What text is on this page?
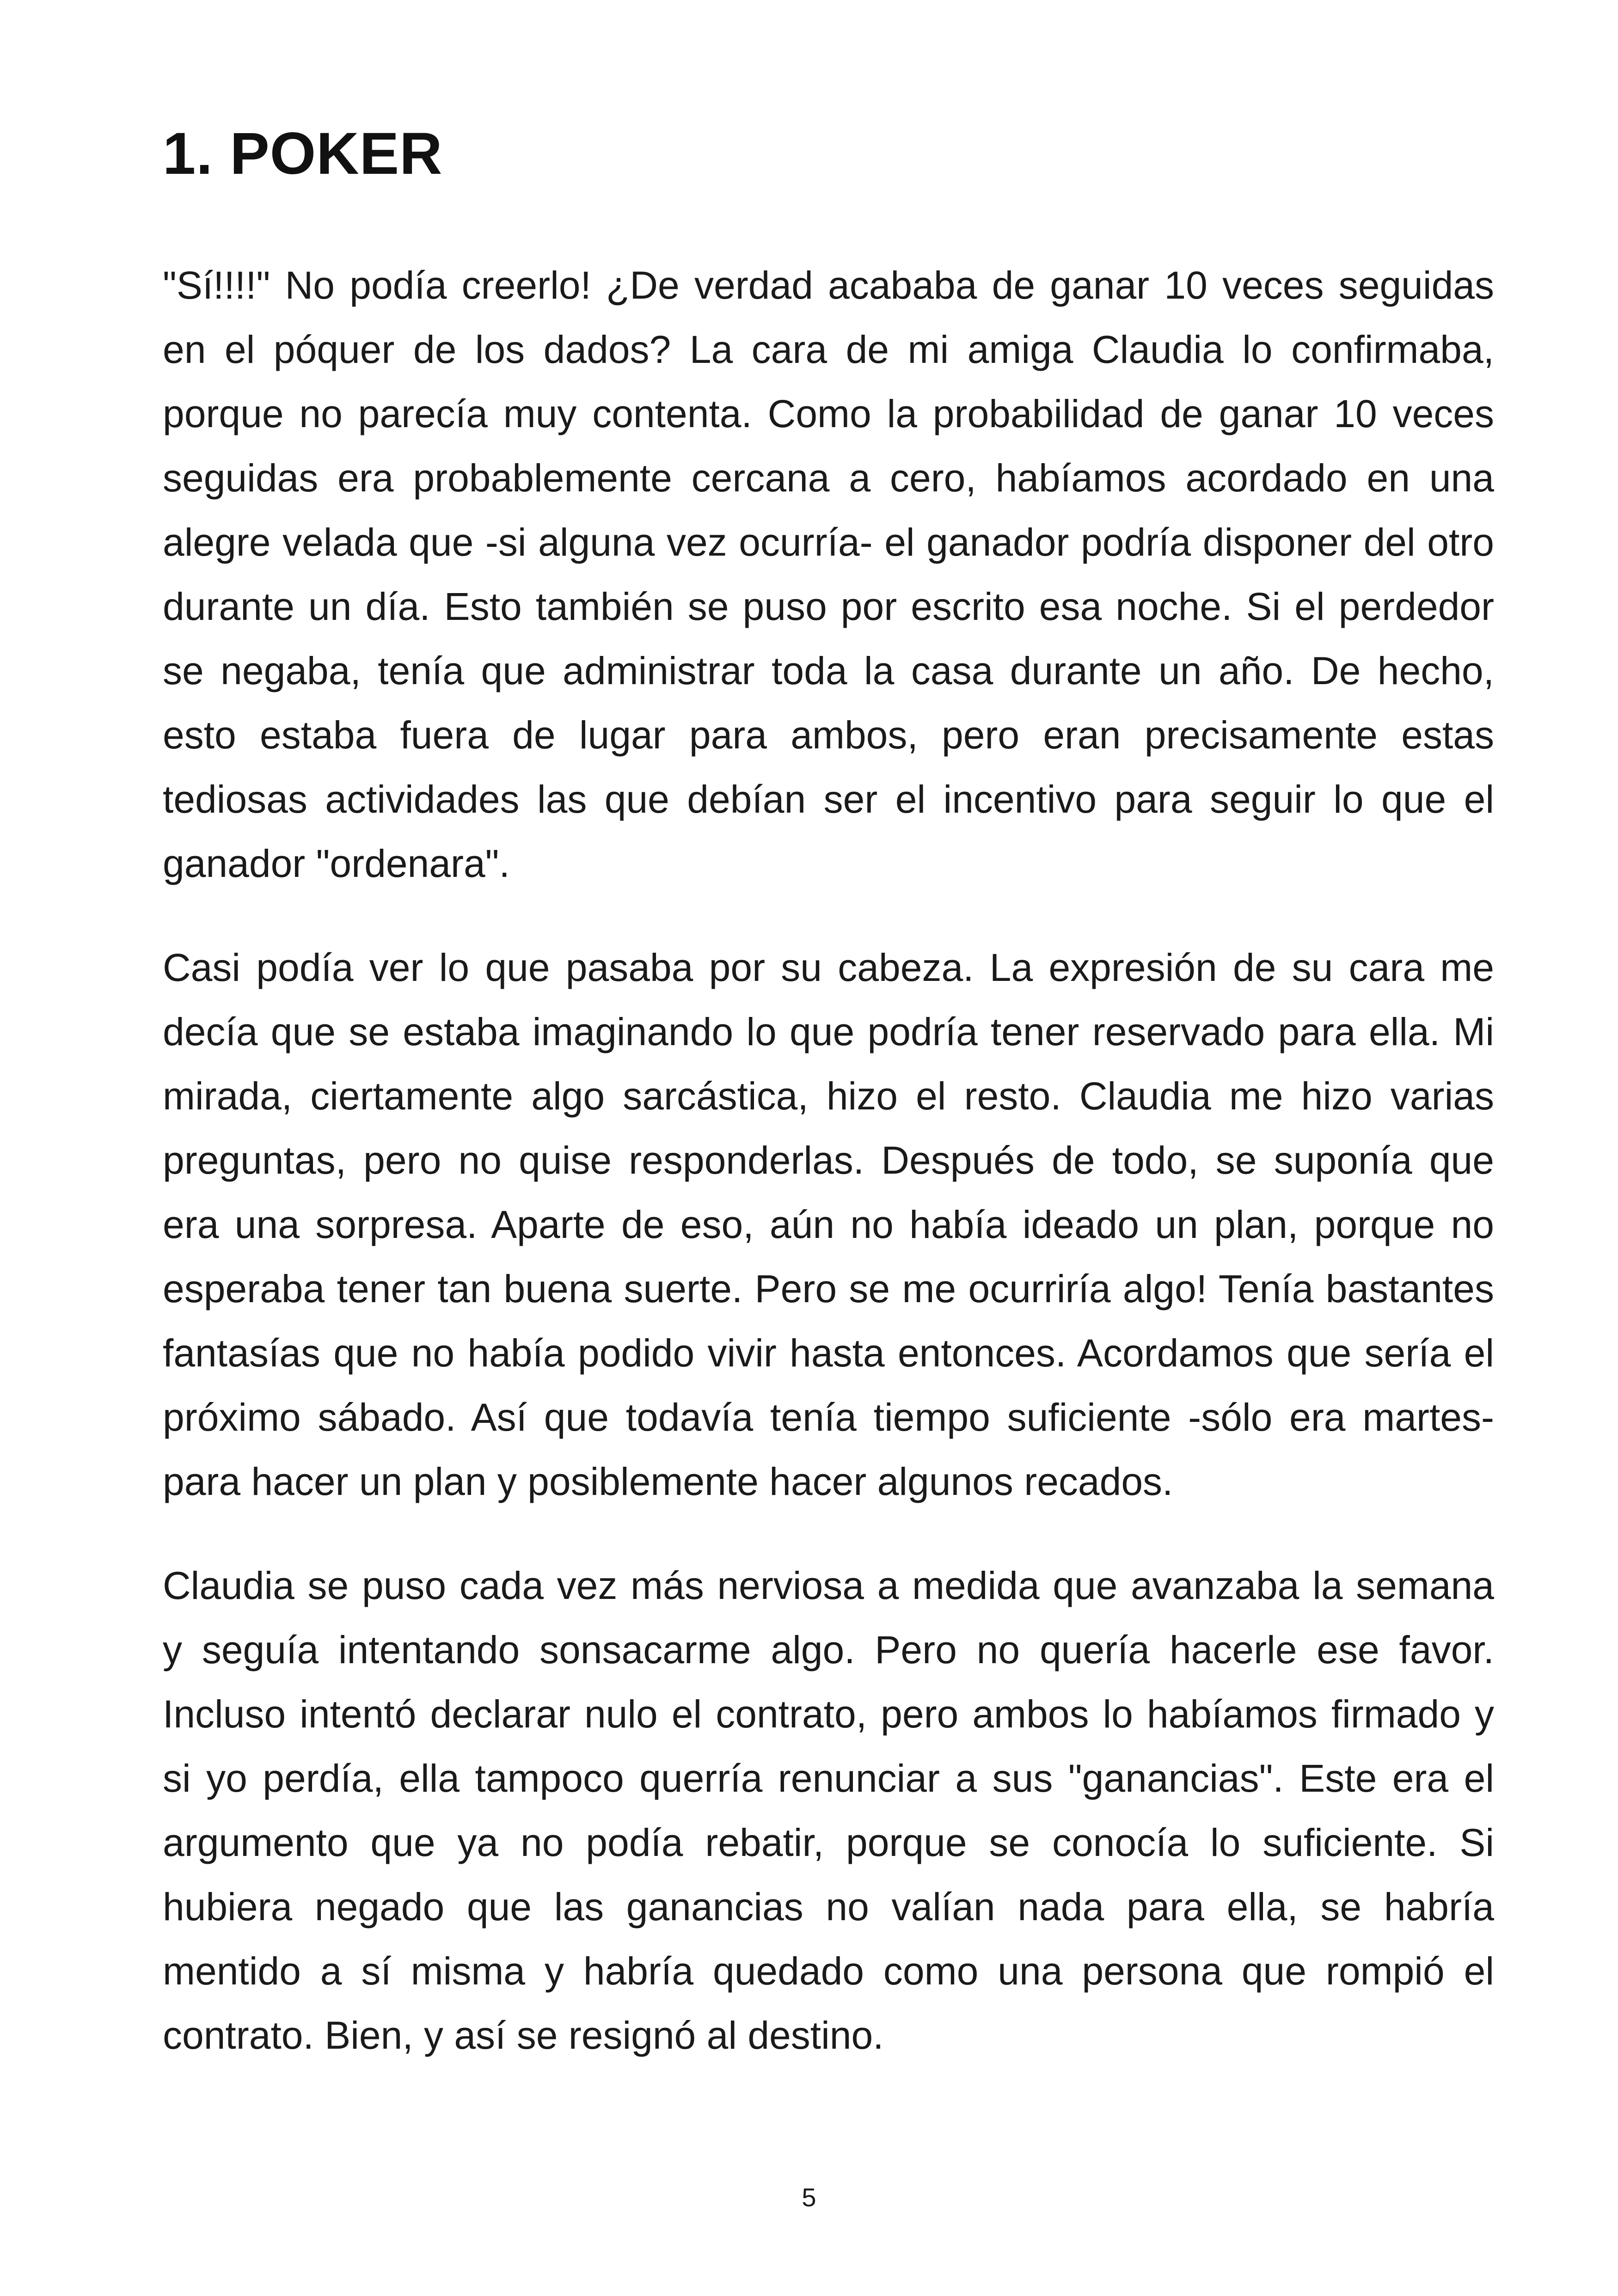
1. POKER

"Sí!!!!" No podía creerlo! ¿De verdad acababa de ganar 10 veces seguidas en el póquer de los dados? La cara de mi amiga Claudia lo confirmaba, porque no parecía muy contenta. Como la probabilidad de ganar 10 veces seguidas era probablemente cercana a cero, habíamos acordado en una alegre velada que -si alguna vez ocurría- el ganador podría disponer del otro durante un día. Esto también se puso por escrito esa noche. Si el perdedor se negaba, tenía que administrar toda la casa durante un año. De hecho, esto estaba fuera de lugar para ambos, pero eran precisamente estas tediosas actividades las que debían ser el incentivo para seguir lo que el ganador "ordenara".

Casi podía ver lo que pasaba por su cabeza. La expresión de su cara me decía que se estaba imaginando lo que podría tener reservado para ella. Mi mirada, ciertamente algo sarcástica, hizo el resto. Claudia me hizo varias preguntas, pero no quise responderlas. Después de todo, se suponía que era una sorpresa. Aparte de eso, aún no había ideado un plan, porque no esperaba tener tan buena suerte. Pero se me ocurriría algo! Tenía bastantes fantasías que no había podido vivir hasta entonces. Acordamos que sería el próximo sábado. Así que todavía tenía tiempo suficiente -sólo era martes- para hacer un plan y posiblemente hacer algunos recados.

Claudia se puso cada vez más nerviosa a medida que avanzaba la semana y seguía intentando sonsacarme algo. Pero no quería hacerle ese favor. Incluso intentó declarar nulo el contrato, pero ambos lo habíamos firmado y si yo perdía, ella tampoco querría renunciar a sus "ganancias". Este era el argumento que ya no podía rebatir, porque se conocía lo suficiente. Si hubiera negado que las ganancias no valían nada para ella, se habría mentido a sí misma y habría quedado como una persona que rompió el contrato. Bien, y así se resignó al destino.

5
